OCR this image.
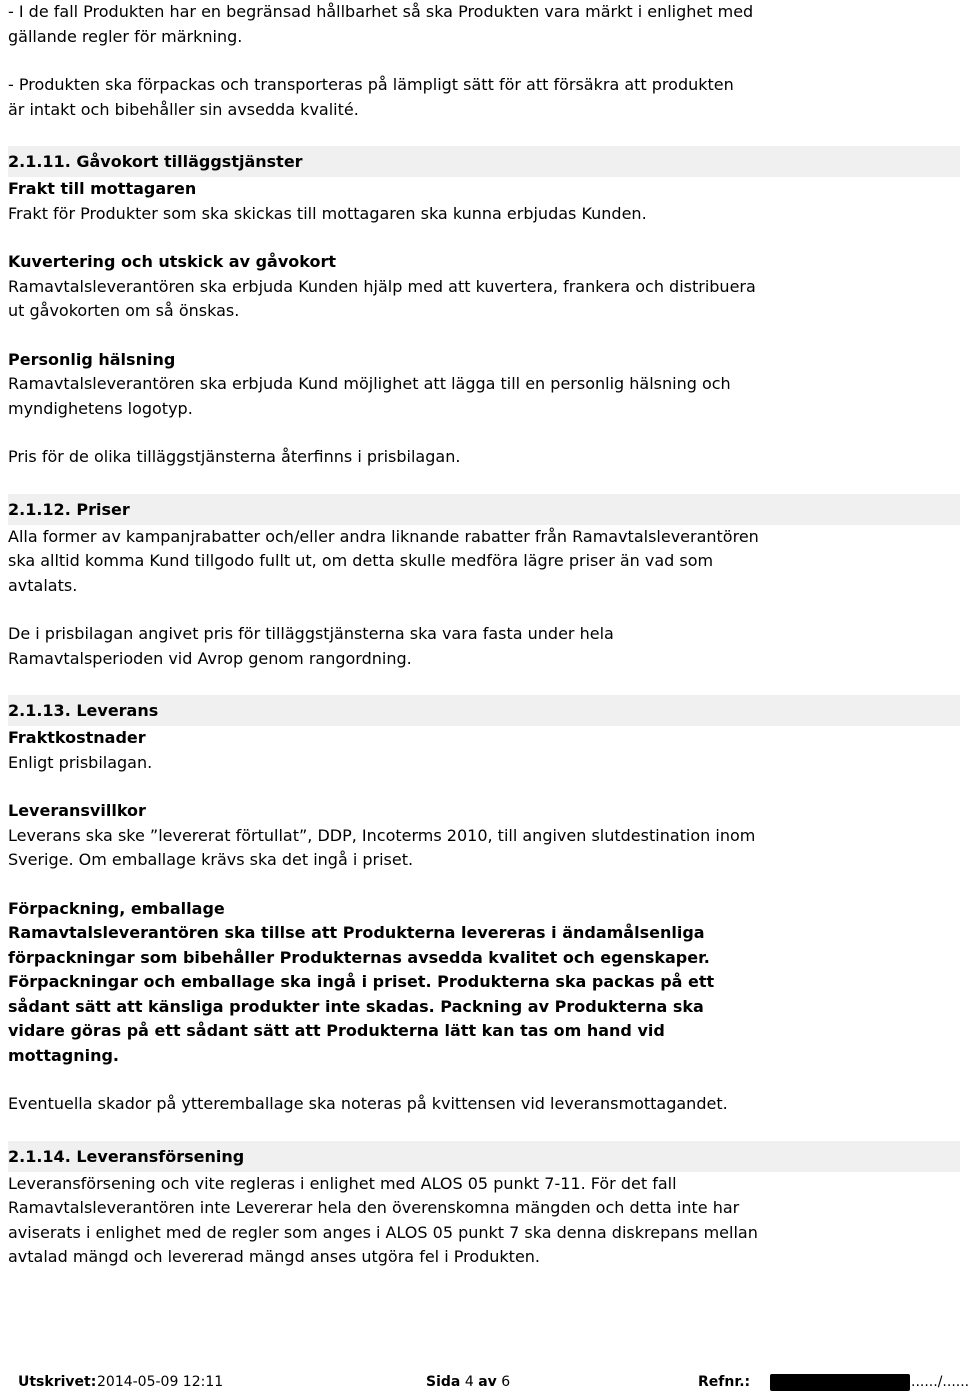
- I de fall Produkten har en begränsad hållbarhet så ska Produkten vara märkt i enlighet med
gällande regler för märkning.

- Produkten ska förpackas och transporteras på lämpligt sätt för att försäkra att produkten
är intakt och bibehåller sin avsedda kvalité.

2.1.11. Gåvokort tilläggstjänster

Frakt till mottagaren

Frakt för Produkter som ska skickas till mottagaren ska kunna erbjudas Kunden.

Kuvertering och utskick av gåvokort

Ramavtalsleverantören ska erbjuda Kunden hjälp med att kuvertera, frankera och distribuera
ut gåvokorten om så önskas.

Personlig hälsning

Ramavtalsleverantören ska erbjuda Kund möjlighet att lägga till en personlig hälsning och
myndighetens logotyp.

Pris för de olika tilläggstjänsterna återfinns i prisbilagan.

2.1.12. Priser

Alla former av kampanjrabatter och/eller andra liknande rabatter från Ramavtalsleverantören
ska alltid komma Kund tillgodo fullt ut, om detta skulle medföra lägre priser än vad som
avtalats.

De i prisbilagan angivet pris för tilläggstjänsterna ska vara fasta under hela
Ramavtalsperioden vid Avrop genom rangordning.

2.1.13. Leverans

Fraktkostnader

Enligt prisbilagan.

Leveransvillkor

Leverans ska ske ”levererat förtullat”, DDP, Incoterms 2010, till angiven slutdestination inom
Sverige. Om emballage krävs ska det ingå i priset.

Förpackning, emballage

Ramavtalsleverantören ska tillse att Produkterna levereras i ändamålsenliga
förpackningar som bibehåller Produkternas avsedda kvalitet och egenskaper.
Förpackningar och emballage ska ingå i priset. Produkterna ska packas på ett
sådant sätt att känsliga produkter inte skadas. Packning av Produkterna ska
vidare göras på ett sådant sätt att Produkterna lätt kan tas om hand vid
mottagning.

Eventuella skador på ytteremballage ska noteras på kvittensen vid leveransmottagandet.

2.1.14. Leveransförsening

Leveransförsening och vite regleras i enlighet med ALOS 05 punkt 7-11. För det fall
Ramavtalsleverantören inte Levererar hela den överenskomna mängden och detta inte har
aviserats i enlighet med de regler som anges i ALOS 05 punkt 7 ska denna diskrepans mellan
avtalad mängd och levererad mängd anses utgöra fel i Produkten.

Utskrivet: 2014-05-09 12:11	Sida 4 av 6	Refnr.:	....../......
